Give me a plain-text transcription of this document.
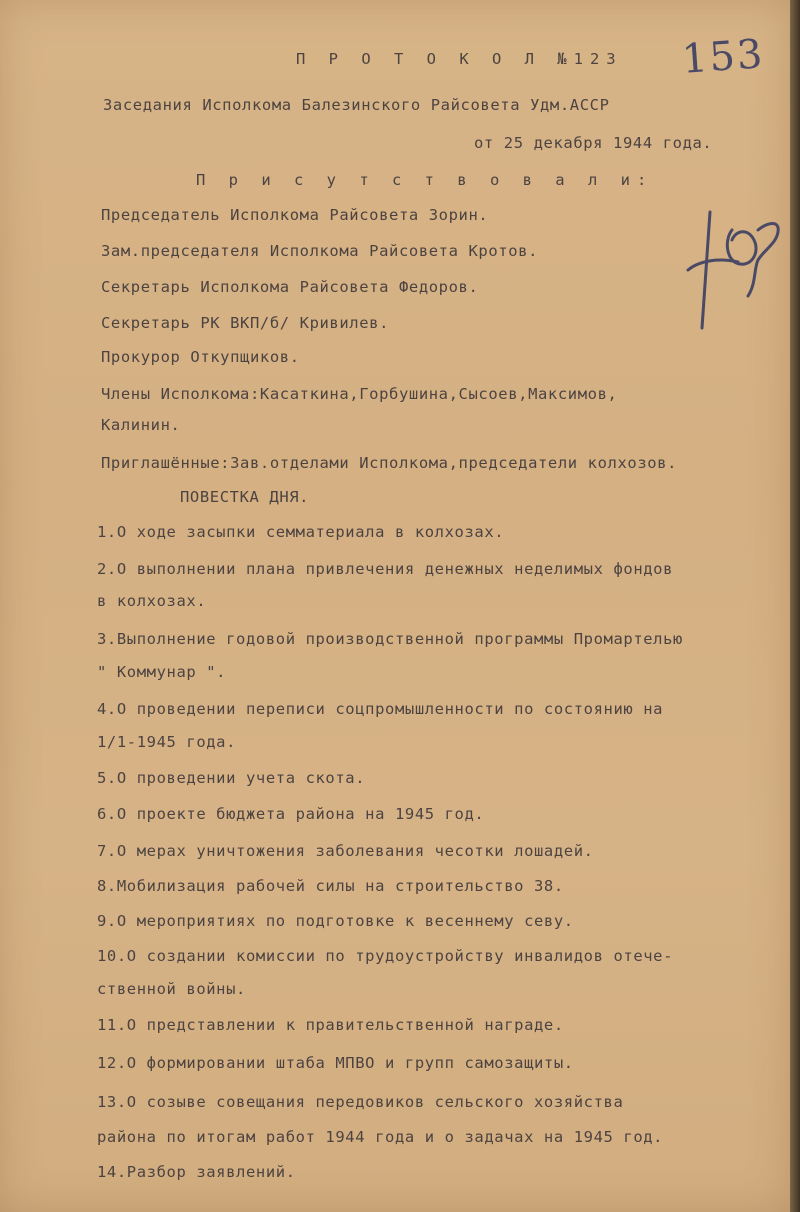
153
П Р О Т О К О Л №123
Заседания Исполкома Балезинского Райсовета Удм.АССР
от 25 декабря 1944 года.
П р и с у т с т в о в а л и:
Председатель Исполкома Райсовета Зорин.
Зам.председателя Исполкома Райсовета Кротов.
Секретарь Исполкома Райсовета Федоров.
Секретарь РК ВКП/б/ Кривилев.
Прокурор Откупщиков.
Члены Исполкома:Касаткина,Горбушина,Сысоев,Максимов,
Калинин.
Приглашённые:Зав.отделами Исполкома,председатели колхозов.
ПОВЕСТКА ДНЯ.
1.О ходе засыпки семматериала в колхозах.
2.О выполнении плана привлечения денежных неделимых фондов
в колхозах.
3.Выполнение годовой производственной программы Промартелью
" Коммунар ".
4.О проведении переписи соцпромышленности по состоянию на
1/1-1945 года.
5.О проведении учета скота.
6.О проекте бюджета района на 1945 год.
7.О мерах уничтожения заболевания чесотки лошадей.
8.Мобилизация рабочей силы на строительство 38.
9.О мероприятиях по подготовке к весеннему севу.
10.О создании комиссии по трудоустройству инвалидов отече-
ственной войны.
11.О представлении к правительственной награде.
12.О формировании штаба МПВО и групп самозащиты.
13.О созыве совещания передовиков сельского хозяйства
района по итогам работ 1944 года и о задачах на 1945 год.
14.Разбор заявлений.
